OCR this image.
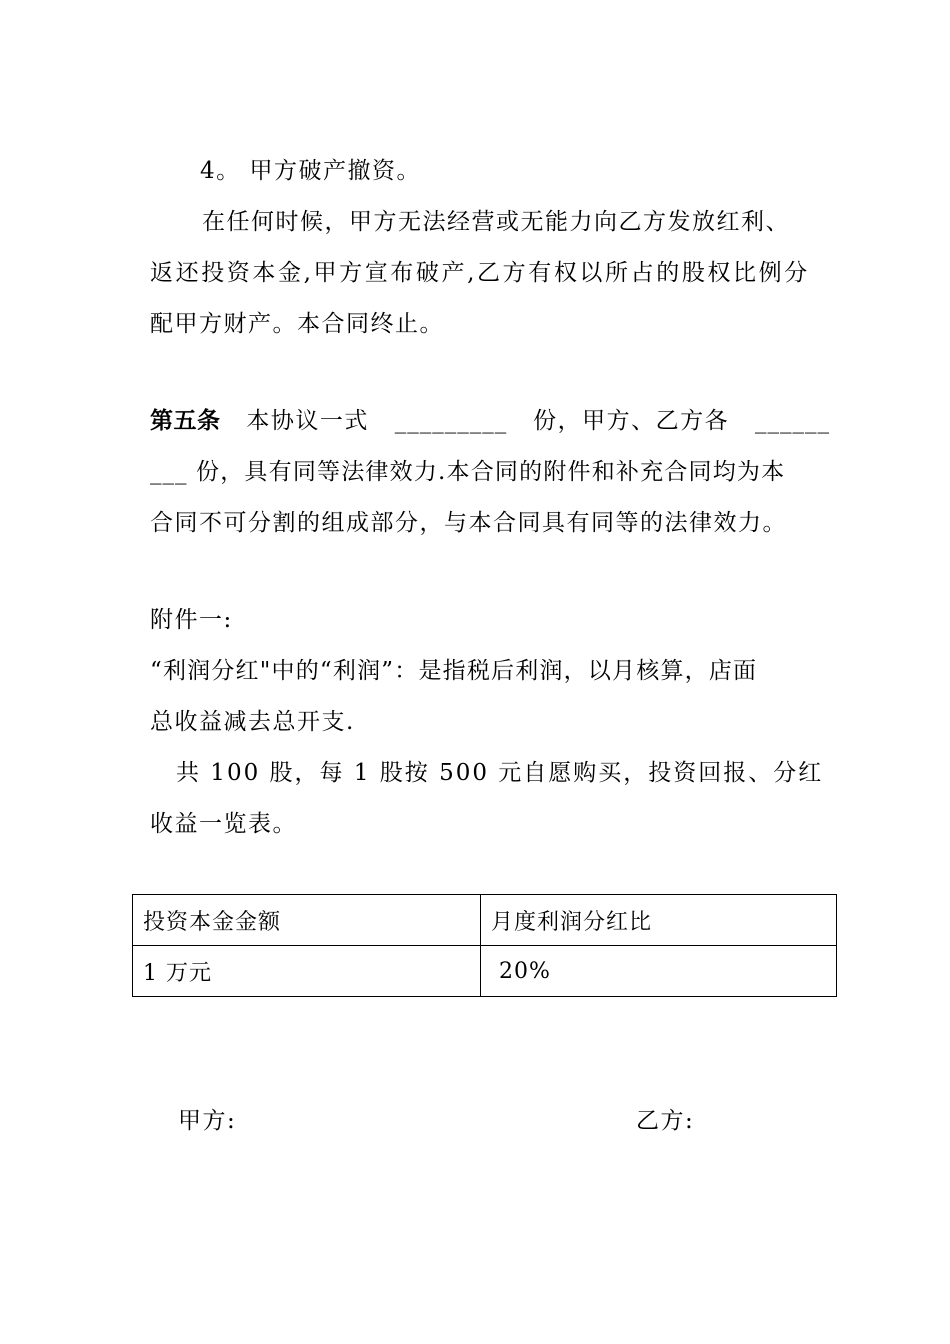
4。 甲方破产撤资。
在任何时候，甲方无法经营或无能力向乙方发放红利、
返还投资本金,甲方宣布破产,乙方有权以所占的股权比例分
配甲方财产。本合同终止。
第五条 本协议一式 _________ 份，甲方、乙方各 ______
___ 份，具有同等法律效力.本合同的附件和补充合同均为本
合同不可分割的组成部分，与本合同具有同等的法律效力。
附件一:
“利润分红"中的“利润”：是指税后利润，以月核算，店面
总收益减去总开支.
共 100 股，每 1 股按 500 元自愿购买，投资回报、分红
收益一览表。
投资本金金额	月度利润分红比
1 万元	20%
甲方:	乙方:
